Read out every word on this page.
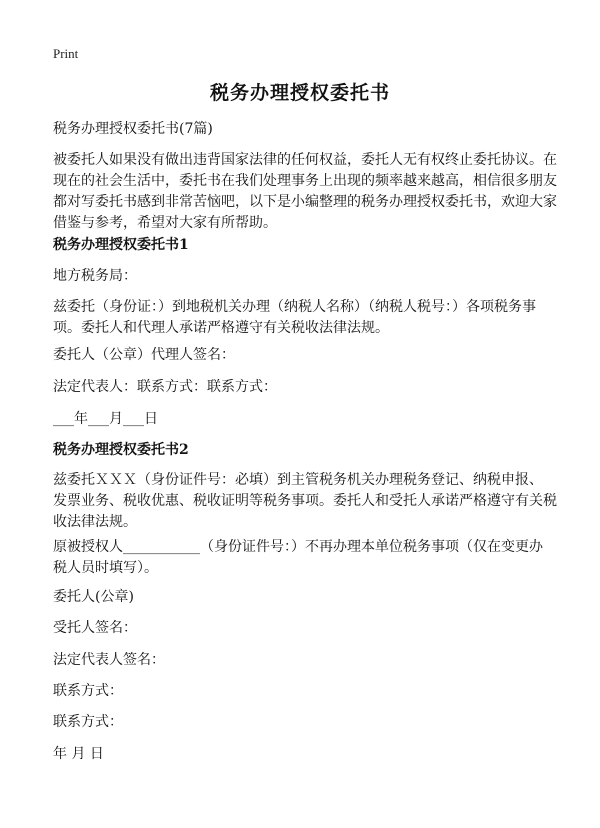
Print
税务办理授权委托书
税务办理授权委托书(7篇)
被委托人如果没有做出违背国家法律的任何权益，委托人无有权终止委托协议。在
现在的社会生活中，委托书在我们处理事务上出现的频率越来越高，相信很多朋友
都对写委托书感到非常苦恼吧，以下是小编整理的税务办理授权委托书，欢迎大家
借鉴与参考，希望对大家有所帮助。
税务办理授权委托书1
地方税务局：
兹委托（身份证：）到地税机关办理（纳税人名称）（纳税人税号：）各项税务事
项。委托人和代理人承诺严格遵守有关税收法律法规。
委托人（公章）代理人签名：
法定代表人：联系方式：联系方式：
___年___月___日
税务办理授权委托书2
兹委托ＸＸＸ（身份证件号：必填）到主管税务机关办理税务登记、纳税申报、
发票业务、税收优惠、税收证明等税务事项。委托人和受托人承诺严格遵守有关税
收法律法规。
原被授权人___________（身份证件号：）不再办理本单位税务事项（仅在变更办
税人员时填写）。
委托人(公章)
受托人签名：
法定代表人签名：
联系方式：
联系方式：
年 月 日
